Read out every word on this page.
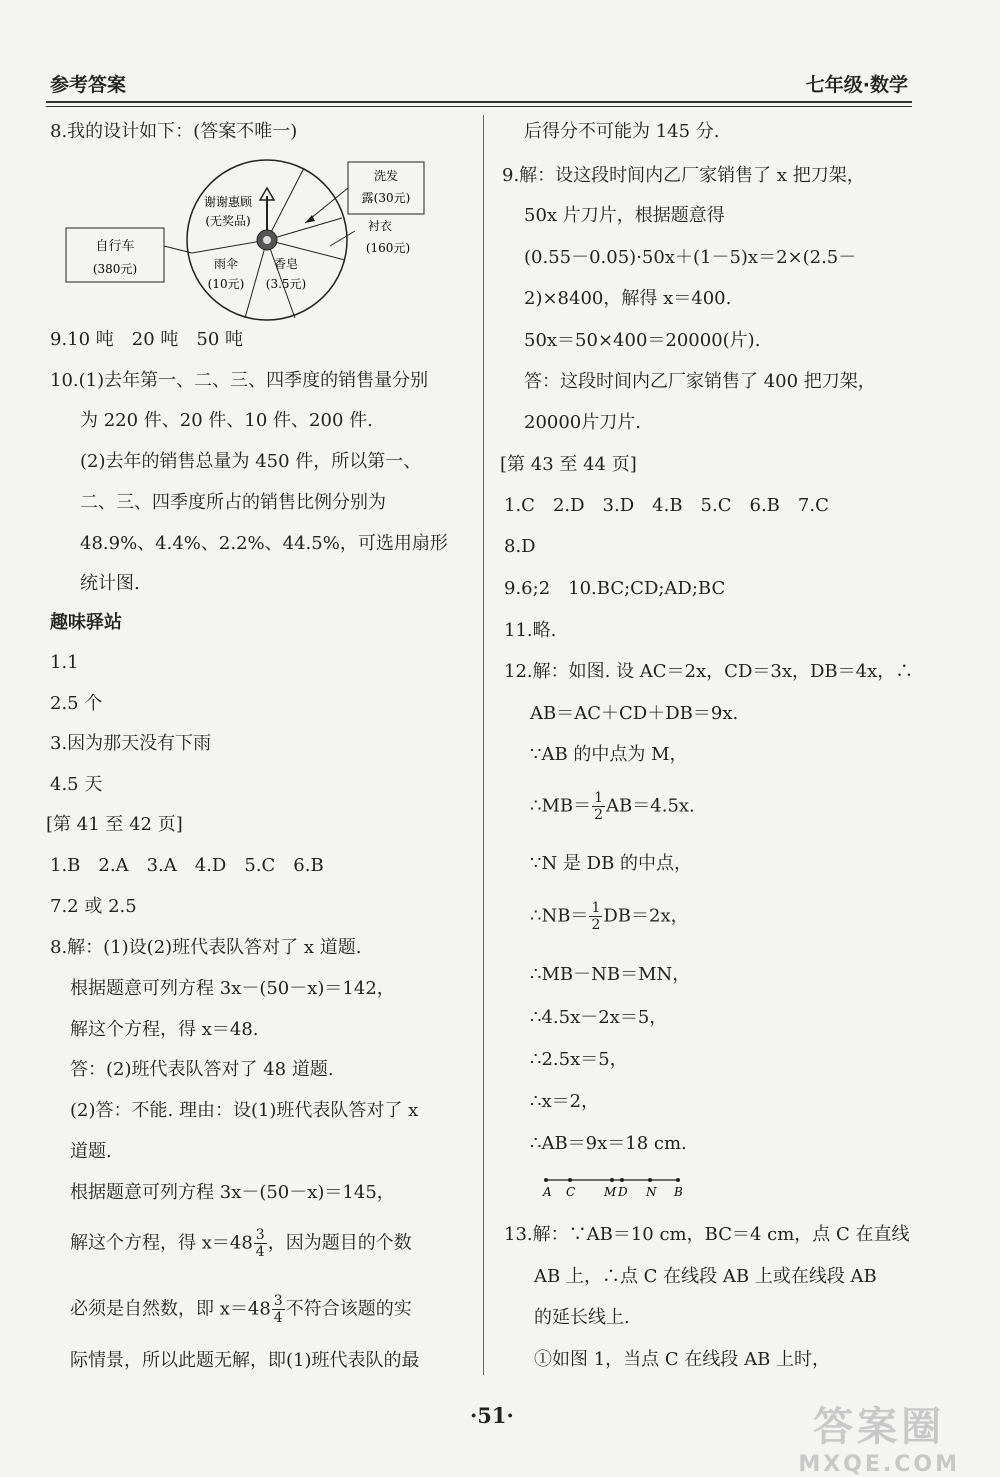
参考答案	七年级·数学
8.我的设计如下：(答案不唯一)
自行车
(380元)
谢谢惠顾
(无奖品)
雨伞
(10元)
香皂
(3.5元)
洗发
露(30元)
衬衣
(160元)
9.10 吨　20 吨　50 吨
10.(1)去年第一、二、三、四季度的销售量分别
为 220 件、20 件、10 件、200 件.
(2)去年的销售总量为 450 件，所以第一、
二、三、四季度所占的销售比例分别为
48.9%、4.4%、2.2%、44.5%，可选用扇形
统计图.
趣味驿站
1.1
2.5 个
3.因为那天没有下雨
4.5 天
[第 41 至 42 页]
1.B　2.A　3.A　4.D　5.C　6.B
7.2 或 2.5
8.解：(1)设(2)班代表队答对了 x 道题.
根据题意可列方程 3x－(50－x)＝142，
解这个方程，得 x＝48.
答：(2)班代表队答对了 48 道题.
(2)答：不能. 理由：设(1)班代表队答对了 x
道题.
根据题意可列方程 3x－(50－x)＝145，
解这个方程，得 $x=48 \frac{3}{4}$ ，因为题目的个数
必须是自然数，即 $x=48 \frac{3}{4}$ 不符合该题的实
际情景，所以此题无解，即(1)班代表队的最
后得分不可能为 145 分.
9.解：设这段时间内乙厂家销售了 x 把刀架，
50x 片刀片，根据题意得
(0.55－0.05)·50x＋(1－5)x＝2×(2.5－
2)×8400，解得 x＝400.
50x＝50×400＝20000(片).
答：这段时间内乙厂家销售了 400 把刀架，
20000片刀片.
[第 43 至 44 页]
1.C　2.D　3.D　4.B　5.C　6.B　7.C
8.D
9.6;2　10.BC;CD;AD;BC
11.略.
12.解：如图. 设 AC＝2x，CD＝3x，DB＝4x，∴
AB＝AC＋CD＋DB＝9x.
∵AB 的中点为 M，
∴MB＝ $\frac{1}{2} AB=4.5x$.
∵N 是 DB 的中点，
∴NB＝ $\frac{1}{2} DB=2x$，
∴MB－NB＝MN，
∴4.5x－2x＝5，
∴2.5x＝5，
∴x＝2，
∴AB＝9x＝18 cm.
A C M D N B
13.解：∵AB＝10 cm，BC＝4 cm，点 C 在直线
AB 上，∴点 C 在线段 AB 上或在线段 AB
的延长线上.
①如图 1，当点 C 在线段 AB 上时，
·51·	答案圈
MXQE.COM
